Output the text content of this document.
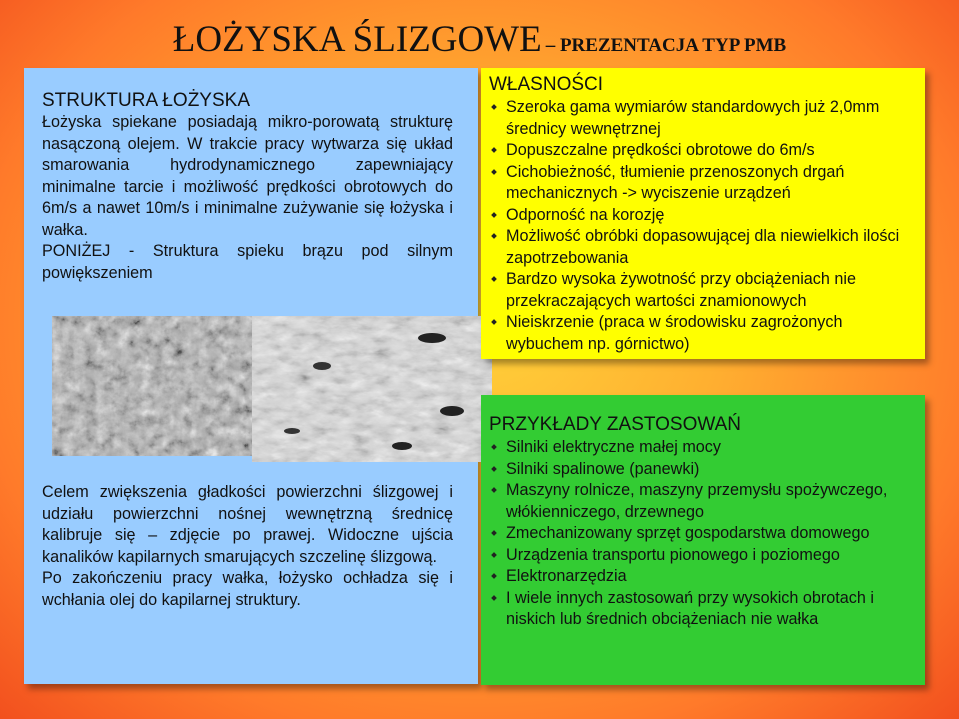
ŁOŻYSKA ŚLIZGOWE – PREZENTACJA TYP PMB
STRUKTURA ŁOŻYSKA

Łożyska spiekane posiadają mikro-porowatą strukturę nasączoną olejem. W trakcie pracy wytwarza się układ smarowania hydrodynamicznego zapewniający minimalne tarcie i możliwość prędkości obrotowych do 6m/s a nawet 10m/s i minimalne zużywanie się łożyska i wałka.

PONIŻEJ - Struktura spieku brązu pod silnym powiększeniem

Celem zwiększenia gładkości powierzchni ślizgowej i udziału powierzchni nośnej wewnętrzną średnicę kalibruje się – zdjęcie po prawej. Widoczne ujścia kanalików kapilarnych smarujących szczelinę ślizgową.

Po zakończeniu pracy wałka, łożysko ochładza się i wchłania olej do kapilarnej struktury.

WŁASNOŚCI
Szeroka gama wymiarów standardowych już 2,0mm średnicy wewnętrznej
Dopuszczalne prędkości obrotowe do 6m/s
Cichobieżność, tłumienie przenoszonych drgań mechanicznych -> wyciszenie urządzeń
Odporność na korozję
Możliwość obróbki dopasowującej dla niewielkich ilości zapotrzebowania
Bardzo wysoka żywotność przy obciążeniach nie przekraczających wartości znamionowych
Nieiskrzenie (praca w środowisku zagrożonych wybuchem np. górnictwo)
PRZYKŁADY ZASTOSOWAŃ
Silniki elektryczne małej mocy
Silniki spalinowe (panewki)
Maszyny rolnicze, maszyny przemysłu spożywczego, włókienniczego, drzewnego
Zmechanizowany sprzęt gospodarstwa domowego
Urządzenia transportu pionowego i poziomego
Elektronarzędzia
I wiele innych zastosowań przy wysokich obrotach i niskich lub średnich obciążeniach nie wałka
